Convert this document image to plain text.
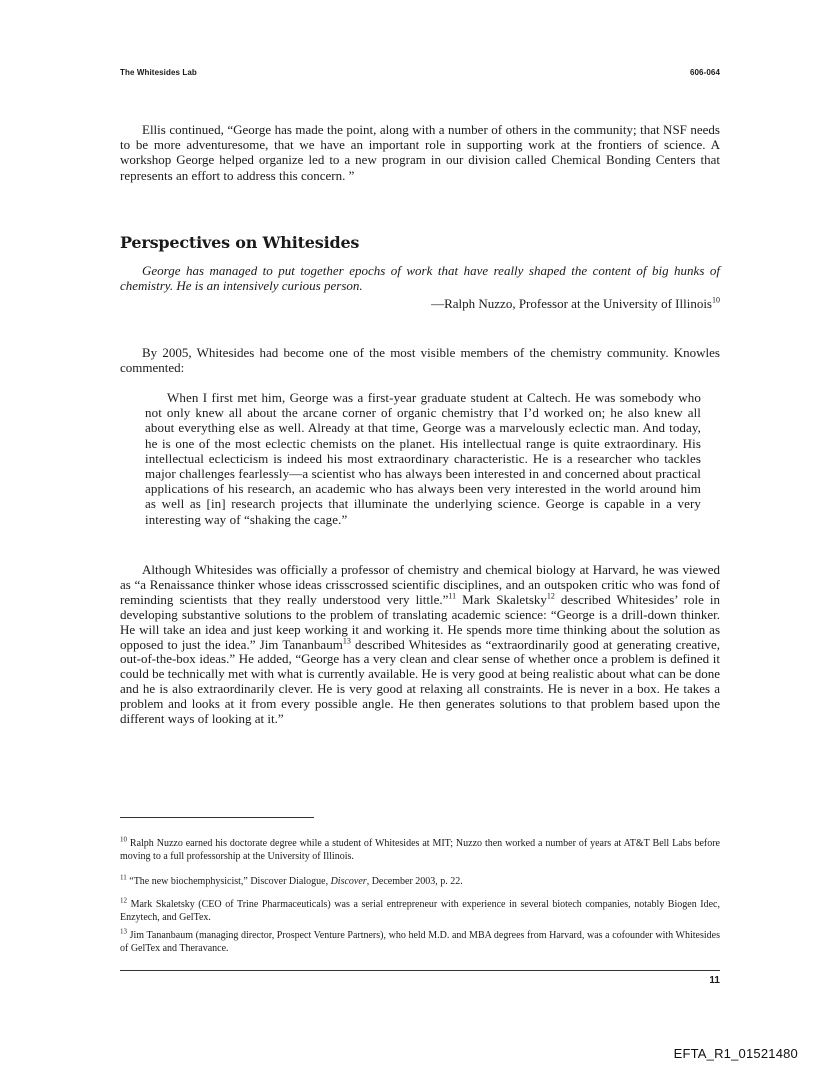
The Whitesides Lab	606-064

Ellis continued, “George has made the point, along with a number of others in the community; that NSF needs to be more adventuresome, that we have an important role in supporting work at the frontiers of science. A workshop George helped organize led to a new program in our division called Chemical Bonding Centers that represents an effort to address this concern. ”

Perspectives on Whitesides

George has managed to put together epochs of work that have really shaped the content of big hunks of chemistry. He is an intensively curious person.

—Ralph Nuzzo, Professor at the University of Illinois$^{10}$

By 2005, Whitesides had become one of the most visible members of the chemistry community. Knowles commented:

When I first met him, George was a first-year graduate student at Caltech. He was somebody who not only knew all about the arcane corner of organic chemistry that I’d worked on; he also knew all about everything else as well. Already at that time, George was a marvelously eclectic man. And today, he is one of the most eclectic chemists on the planet. His intellectual range is quite extraordinary. His intellectual eclecticism is indeed his most extraordinary characteristic. He is a researcher who tackles major challenges fearlessly—a scientist who has always been interested in and concerned about practical applications of his research, an academic who has always been very interested in the world around him as well as [in] research projects that illuminate the underlying science. George is capable in a very interesting way of “shaking the cage.”

Although Whitesides was officially a professor of chemistry and chemical biology at Harvard, he was viewed as “a Renaissance thinker whose ideas crisscrossed scientific disciplines, and an outspoken critic who was fond of reminding scientists that they really understood very little.”$^{11}$ Mark Skaletsky$^{12}$ described Whitesides’ role in developing substantive solutions to the problem of translating academic science: “George is a drill-down thinker. He will take an idea and just keep working it and working it. He spends more time thinking about the solution as opposed to just the idea.” Jim Tananbaum$^{13}$ described Whitesides as “extraordinarily good at generating creative, out-of-the-box ideas.” He added, “George has a very clean and clear sense of whether once a problem is defined it could be technically met with what is currently available. He is very good at being realistic about what can be done and he is also extraordinarily clever. He is very good at relaxing all constraints. He is never in a box. He takes a problem and looks at it from every possible angle. He then generates solutions to that problem based upon the different ways of looking at it.”

$^{10}$ Ralph Nuzzo earned his doctorate degree while a student of Whitesides at MIT; Nuzzo then worked a number of years at AT&T Bell Labs before moving to a full professorship at the University of Illinois.

$^{11}$ “The new biochemphysicist,” Discover Dialogue, Discover, December 2003, p. 22.

$^{12}$ Mark Skaletsky (CEO of Trine Pharmaceuticals) was a serial entrepreneur with experience in several biotech companies, notably Biogen Idec, Enzytech, and GelTex.

$^{13}$ Jim Tananbaum (managing director, Prospect Venture Partners), who held M.D. and MBA degrees from Harvard, was a cofounder with Whitesides of GelTex and Theravance.

11
EFTA_R1_01521480
